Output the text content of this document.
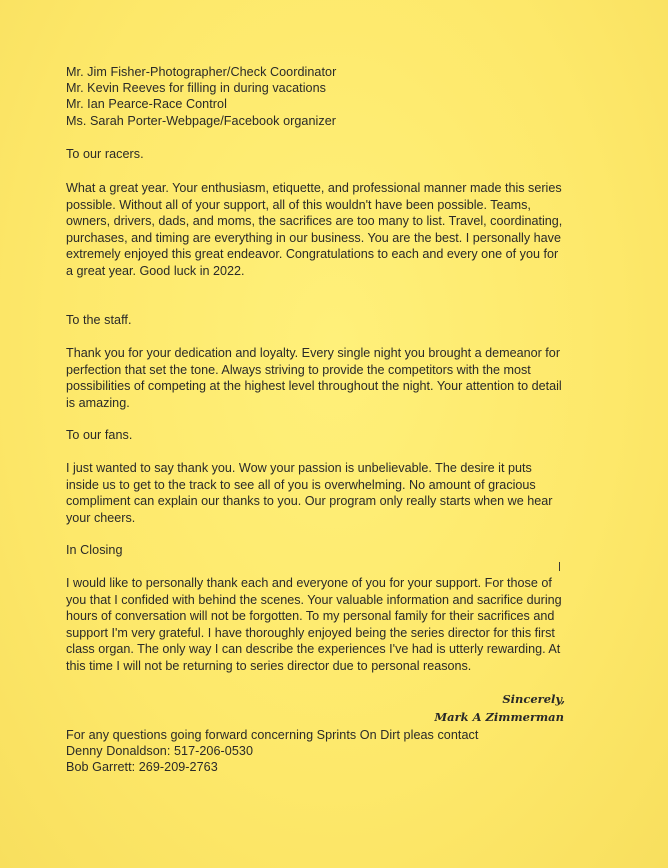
Mr. Jim Fisher-Photographer/Check Coordinator
Mr. Kevin Reeves for filling in during vacations
Mr. Ian Pearce-Race Control
Ms. Sarah Porter-Webpage/Facebook organizer
To our racers.

What a great year. Your enthusiasm, etiquette, and professional manner made this series

possible. Without all of your support, all of this wouldn't have been possible. Teams,

owners, drivers, dads, and moms, the sacrifices are too many to list. Travel, coordinating,

purchases, and timing are everything in our business. You are the best. I personally have

extremely enjoyed this great endeavor. Congratulations to each and every one of you for

a great year. Good luck in 2022.

To the staff.

Thank you for your dedication and loyalty. Every single night you brought a demeanor for

perfection that set the tone. Always striving to provide the competitors with the most

possibilities of competing at the highest level throughout the night. Your attention to detail

is amazing.

To our fans.

I just wanted to say thank you. Wow your passion is unbelievable. The desire it puts

inside us to get to the track to see all of you is overwhelming. No amount of gracious

compliment can explain our thanks to you. Our program only really starts when we hear

your cheers.

In Closing

I would like to personally thank each and everyone of you for your support. For those of

you that I confided with behind the scenes. Your valuable information and sacrifice during

hours of conversation will not be forgotten. To my personal family for their sacrifices and

support I'm very grateful. I have thoroughly enjoyed being the series director for this first

class organ. The only way I can describe the experiences I've had is utterly rewarding. At

this time I will not be returning to series director due to personal reasons.

Sincerely,
Mark A Zimmerman
For any questions going forward concerning Sprints On Dirt pleas contact
Denny Donaldson: 517-206-0530
Bob Garrett: 269-209-2763
